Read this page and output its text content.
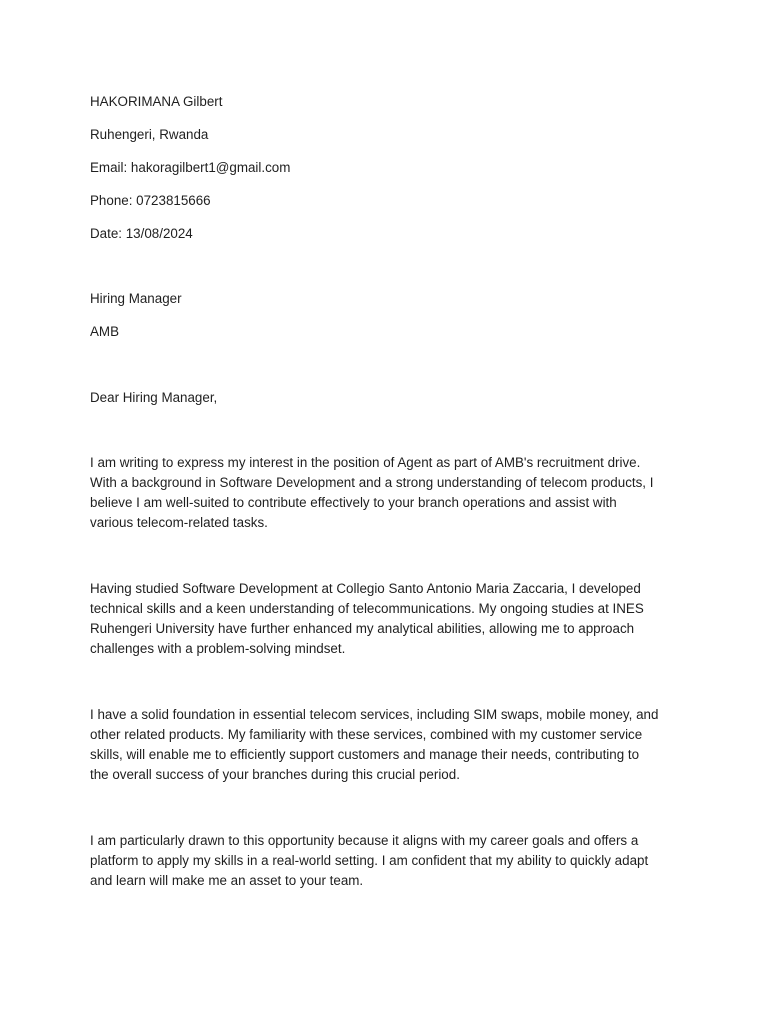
HAKORIMANA Gilbert

Ruhengeri, Rwanda

Email: hakoragilbert1@gmail.com

Phone: 0723815666

Date: 13/08/2024

Hiring Manager

AMB

Dear Hiring Manager,

I am writing to express my interest in the position of Agent as part of AMB's recruitment drive.
With a background in Software Development and a strong understanding of telecom products, I
believe I am well-suited to contribute effectively to your branch operations and assist with
various telecom-related tasks.
Having studied Software Development at Collegio Santo Antonio Maria Zaccaria, I developed
technical skills and a keen understanding of telecommunications. My ongoing studies at INES
Ruhengeri University have further enhanced my analytical abilities, allowing me to approach
challenges with a problem-solving mindset.
I have a solid foundation in essential telecom services, including SIM swaps, mobile money, and
other related products. My familiarity with these services, combined with my customer service
skills, will enable me to efficiently support customers and manage their needs, contributing to
the overall success of your branches during this crucial period.
I am particularly drawn to this opportunity because it aligns with my career goals and offers a
platform to apply my skills in a real-world setting. I am confident that my ability to quickly adapt
and learn will make me an asset to your team.
